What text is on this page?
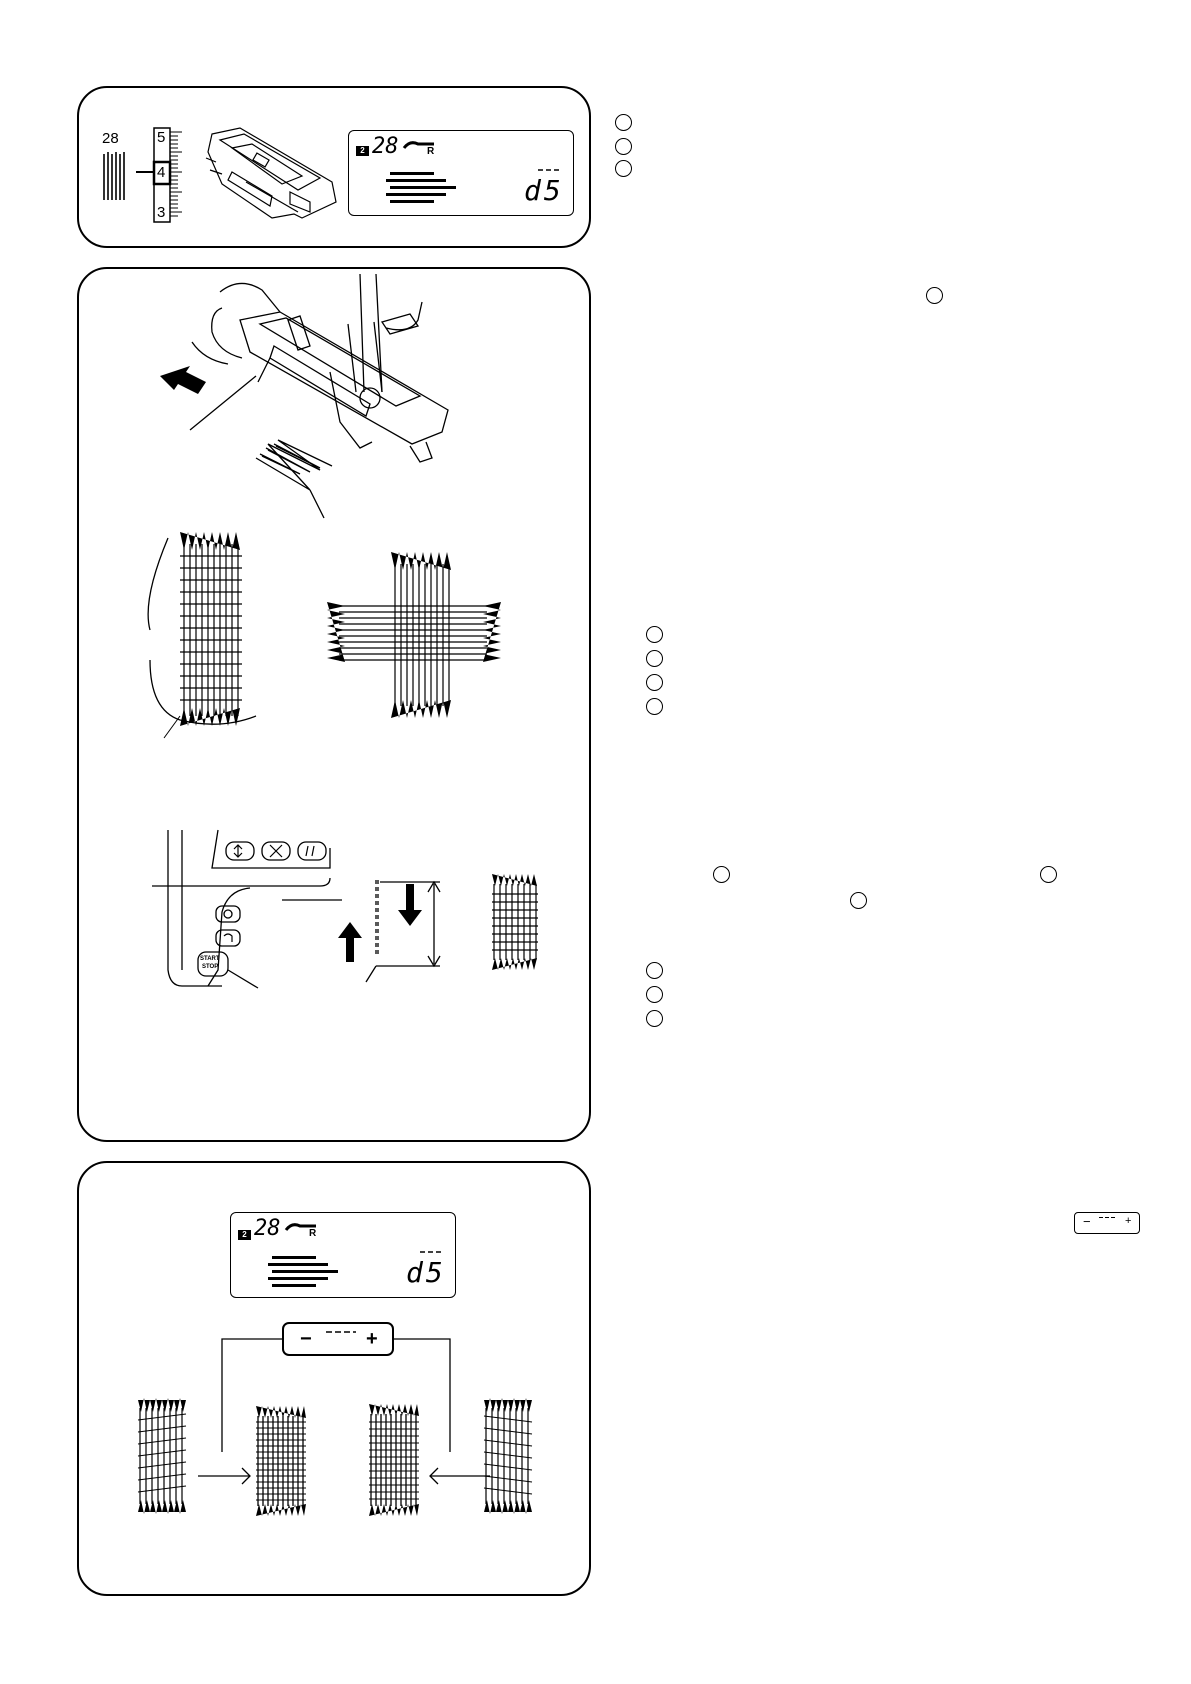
28	5
4
3
2 28	R
d5
START
STOP
2 28	R
d5
−	+
−	+
